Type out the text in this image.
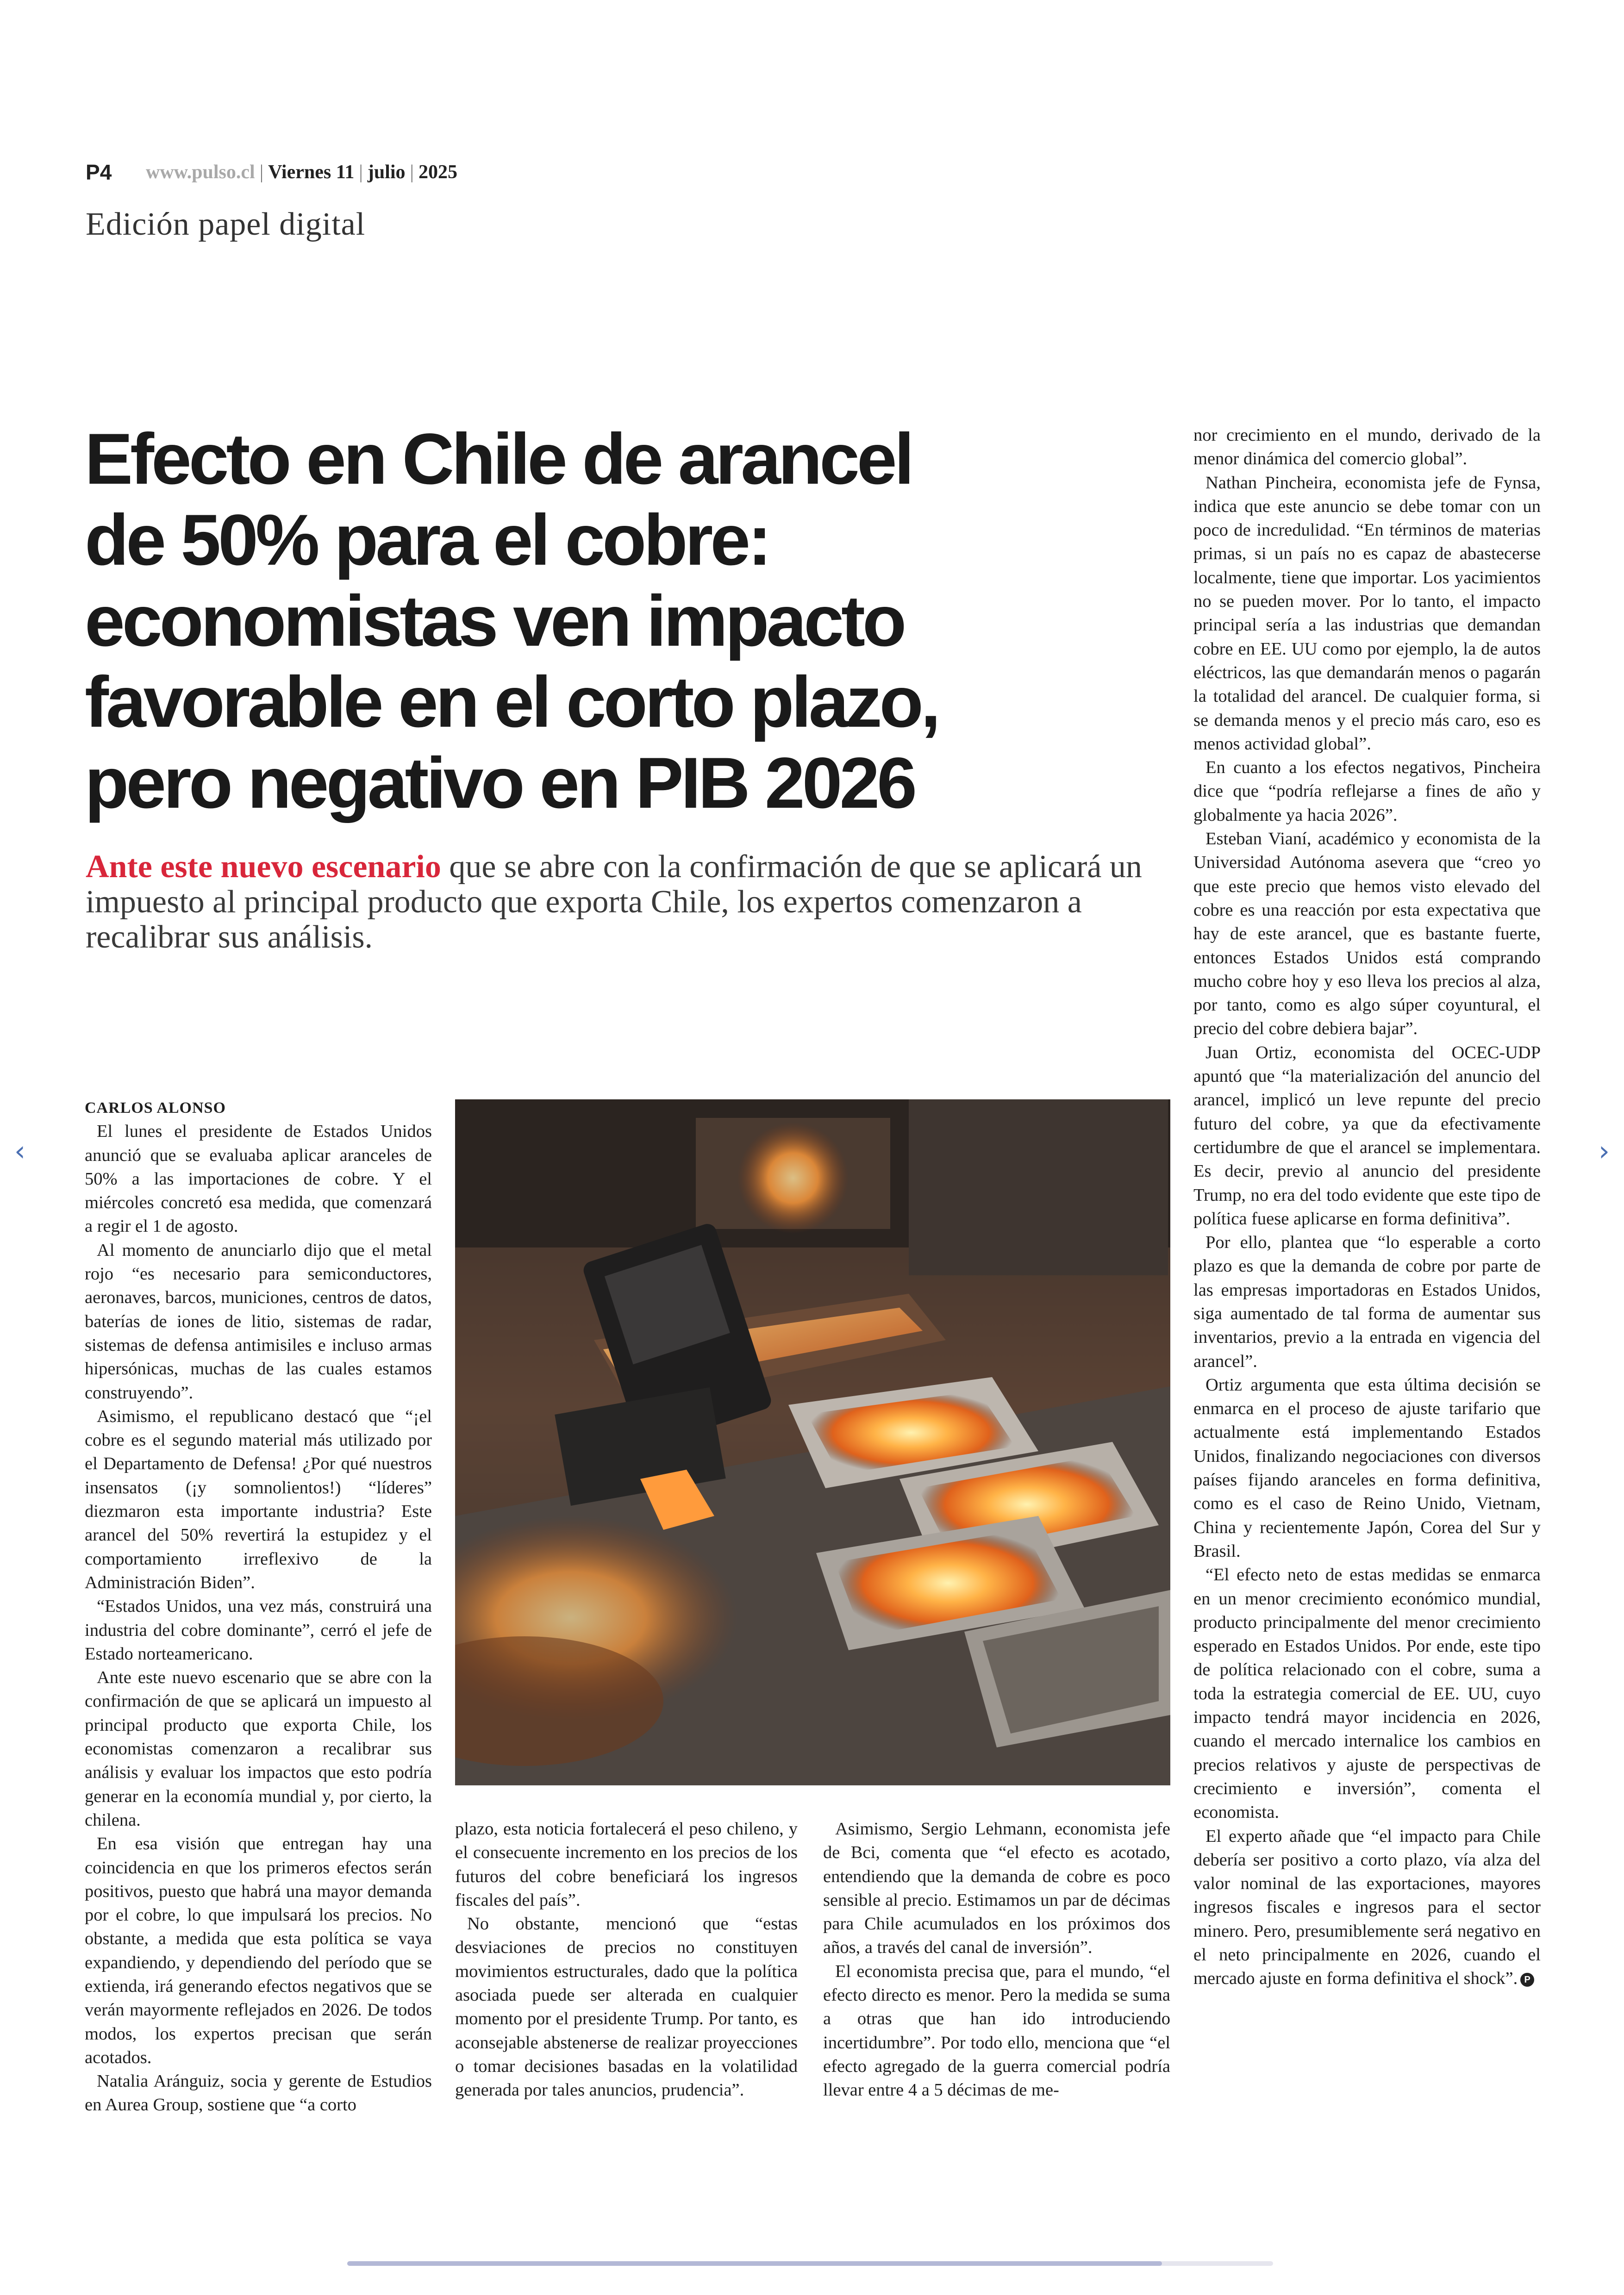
P4 www.pulso.cl | Viernes 11 | julio | 2025
Edición papel digital
Efecto en Chile de arancel
de 50% para el cobre:
economistas ven impacto
favorable en el corto plazo,
pero negativo en PIB 2026

Ante este nuevo escenario que se abre con la confirmación de que se aplicará un impuesto al principal producto que exporta Chile, los expertos comenzaron a recalibrar sus análisis.

CARLOS ALONSO

El lunes el presidente de Estados Unidos anunció que se evaluaba aplicar aranceles de 50% a las importaciones de cobre. Y el miércoles concretó esa medida, que comenzará a regir el 1 de agosto.

Al momento de anunciarlo dijo que el metal rojo “es necesario para semiconductores, aeronaves, barcos, municiones, centros de datos, baterías de iones de litio, sistemas de radar, sistemas de defensa antimisiles e incluso armas hipersónicas, muchas de las cuales estamos construyendo”.

Asimismo, el republicano destacó que “¡el cobre es el segundo material más utilizado por el Departamento de Defensa! ¿Por qué nuestros insensatos (¡y somnolientos!) “líderes” diezmaron esta importante industria? Este arancel del 50% revertirá la estupidez y el comportamiento irreflexivo de la Administración Biden”.

“Estados Unidos, una vez más, construirá una industria del cobre dominante”, cerró el jefe de Estado norteamericano.

Ante este nuevo escenario que se abre con la confirmación de que se aplicará un impuesto al principal producto que exporta Chile, los economistas comenzaron a recalibrar sus análisis y evaluar los impactos que esto podría generar en la economía mundial y, por cierto, la chilena.

En esa visión que entregan hay una coincidencia en que los primeros efectos serán positivos, puesto que habrá una mayor demanda por el cobre, lo que impulsará los precios. No obstante, a medida que esta política se vaya expandiendo, y dependiendo del período que se extienda, irá generando efectos negativos que se verán mayormente reflejados en 2026. De todos modos, los expertos precisan que serán acotados.

Natalia Aránguiz, socia y gerente de Estudios en Aurea Group, sostiene que “a corto

plazo, esta noticia fortalecerá el peso chileno, y el consecuente incremento en los precios de los futuros del cobre beneficiará los ingresos fiscales del país”.

No obstante, mencionó que “estas desviaciones de precios no constituyen movimientos estructurales, dado que la política asociada puede ser alterada en cualquier momento por el presidente Trump. Por tanto, es aconsejable abstenerse de realizar proyecciones o tomar decisiones basadas en la volatilidad generada por tales anuncios, prudencia”.

Asimismo, Sergio Lehmann, economista jefe de Bci, comenta que “el efecto es acotado, entendiendo que la demanda de cobre es poco sensible al precio. Estimamos un par de décimas para Chile acumulados en los próximos dos años, a través del canal de inversión”.

El economista precisa que, para el mundo, “el efecto directo es menor. Pero la medida se suma a otras que han ido introduciendo incertidumbre”. Por todo ello, menciona que “el efecto agregado de la guerra comercial podría llevar entre 4 a 5 décimas de me-

nor crecimiento en el mundo, derivado de la menor dinámica del comercio global”.

Nathan Pincheira, economista jefe de Fynsa, indica que este anuncio se debe tomar con un poco de incredulidad. “En términos de materias primas, si un país no es capaz de abastecerse localmente, tiene que importar. Los yacimientos no se pueden mover. Por lo tanto, el impacto principal sería a las industrias que demandan cobre en EE. UU como por ejemplo, la de autos eléctricos, las que demandarán menos o pagarán la totalidad del arancel. De cualquier forma, si se demanda menos y el precio más caro, eso es menos actividad global”.

En cuanto a los efectos negativos, Pincheira dice que “podría reflejarse a fines de año y globalmente ya hacia 2026”.

Esteban Vianí, académico y economista de la Universidad Autónoma asevera que “creo yo que este precio que hemos visto elevado del cobre es una reacción por esta expectativa que hay de este arancel, que es bastante fuerte, entonces Estados Unidos está comprando mucho cobre hoy y eso lleva los precios al alza, por tanto, como es algo súper coyuntural, el precio del cobre debiera bajar”.

Juan Ortiz, economista del OCEC-UDP apuntó que “la materialización del anuncio del arancel, implicó un leve repunte del precio futuro del cobre, ya que da efectivamente certidumbre de que el arancel se implementara. Es decir, previo al anuncio del presidente Trump, no era del todo evidente que este tipo de política fuese aplicarse en forma definitiva”.

Por ello, plantea que “lo esperable a corto plazo es que la demanda de cobre por parte de las empresas importadoras en Estados Unidos, siga aumentado de tal forma de aumentar sus inventarios, previo a la entrada en vigencia del arancel”.

Ortiz argumenta que esta última decisión se enmarca en el proceso de ajuste tarifario que actualmente está implementando Estados Unidos, finalizando negociaciones con diversos países fijando aranceles en forma definitiva, como es el caso de Reino Unido, Vietnam, China y recientemente Japón, Corea del Sur y Brasil.

“El efecto neto de estas medidas se enmarca en un menor crecimiento económico mundial, producto principalmente del menor crecimiento esperado en Estados Unidos. Por ende, este tipo de política relacionado con el cobre, suma a toda la estrategia comercial de EE. UU, cuyo impacto tendrá mayor incidencia en 2026, cuando el mercado internalice los cambios en precios relativos y ajuste de perspectivas de crecimiento e inversión”, comenta el economista.

El experto añade que “el impacto para Chile debería ser positivo a corto plazo, vía alza del valor nominal de las exportaciones, mayores ingresos fiscales e ingresos para el sector minero. Pero, presumiblemente será negativo en el neto principalmente en 2026, cuando el mercado ajuste en forma definitiva el shock”. P

‹	›
